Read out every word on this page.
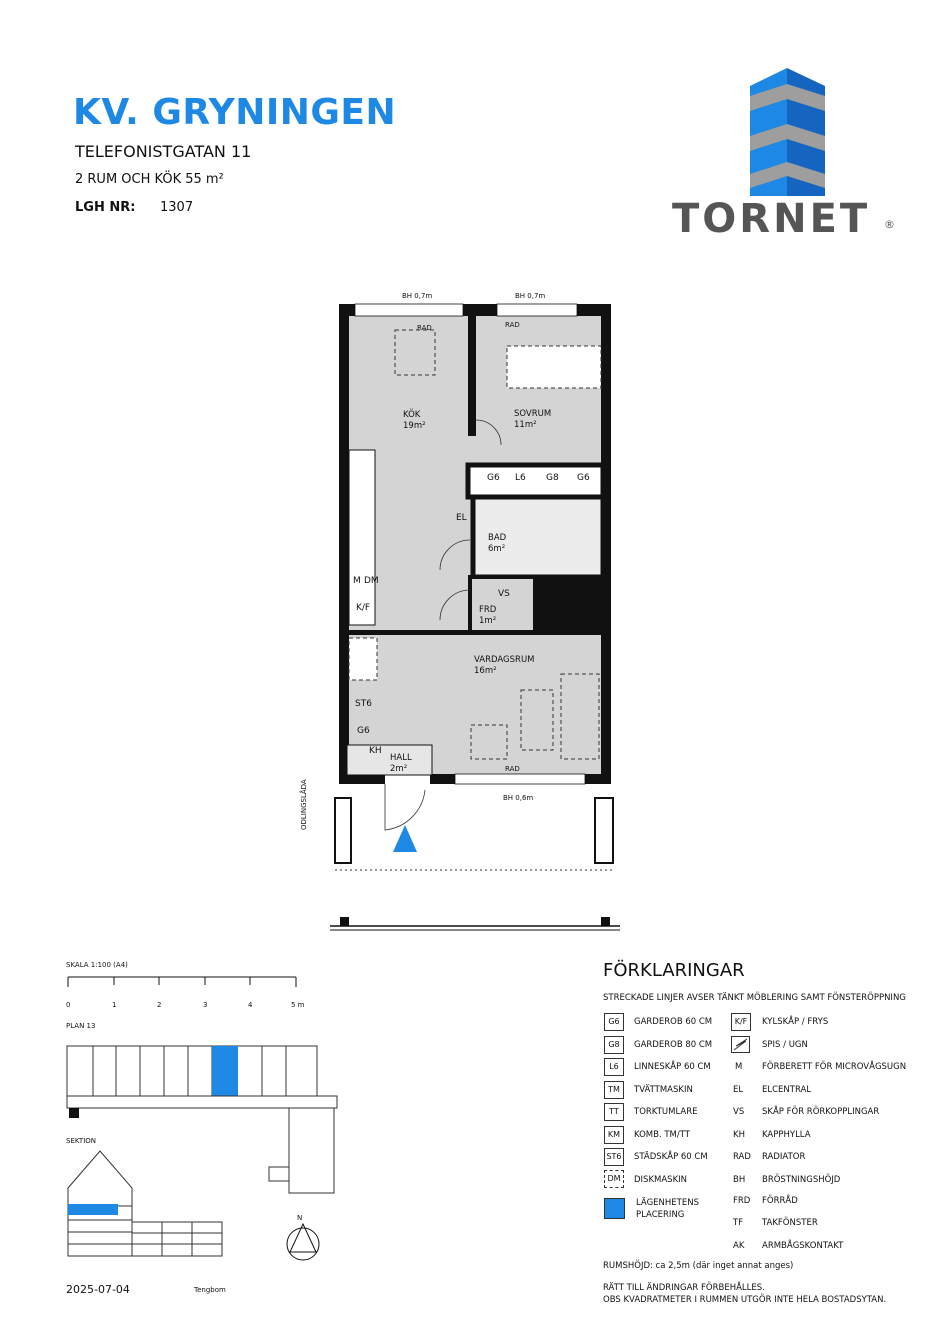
KV. GRYNINGEN
TELEFONISTGATAN 11
2 RUM OCH KÖK 55 m²
LGH NR: 1307	TORNET ®
BH 0,7m	BH 0,7m
BH 0,6m
RAD	RAD
RAD
KÖK
19m²
SOVRUM
11m²
BAD
6m²
FRD
1m²
VARDAGSRUM
16m²
HALL
2m²
G6 L6 G8 G6
EL
VS
TT TM
M DM
K/F
ST6
G6
KH
ODLINGSLÅDA
SKALA 1:100 (A4)
0	1	2	3	4	5 m
PLAN 13
SEKTION
N
2025-07-04	Tengbom
FÖRKLARINGAR
STRECKADE LINJER AVSER TÄNKT MÖBLERING SAMT FÖNSTERÖPPNING
G6	GARDEROB 60 CM
G8	GARDEROB 80 CM
L6	LINNESKÅP 60 CM
TM	TVÄTTMASKIN
TT	TORKTUMLARE
KM	KOMB. TM/TT
ST6 STÄDSKÅP 60 CM
DM	DISKMASKIN
LÄGENHETENS
PLACERING
K/F	KYLSKÅP / FRYS
SPIS / UGN
M FÖRBERETT FÖR MICROVÅGSUGN
EL ELCENTRAL
VS SKÅP FÖR RÖRKOPPLINGAR
KH KAPPHYLLA
RAD RADIATOR
BH BRÖSTNINGSHÖJD
FRD FÖRRÅD
TF TAKFÖNSTER
AK ARMBÅGSKONTAKT
RUMSHÖJD: ca 2,5m (där inget annat anges)
RÄTT TILL ÄNDRINGAR FÖRBEHÅLLES.
OBS KVADRATMETER I RUMMEN UTGÖR INTE HELA BOSTADSYTAN.
